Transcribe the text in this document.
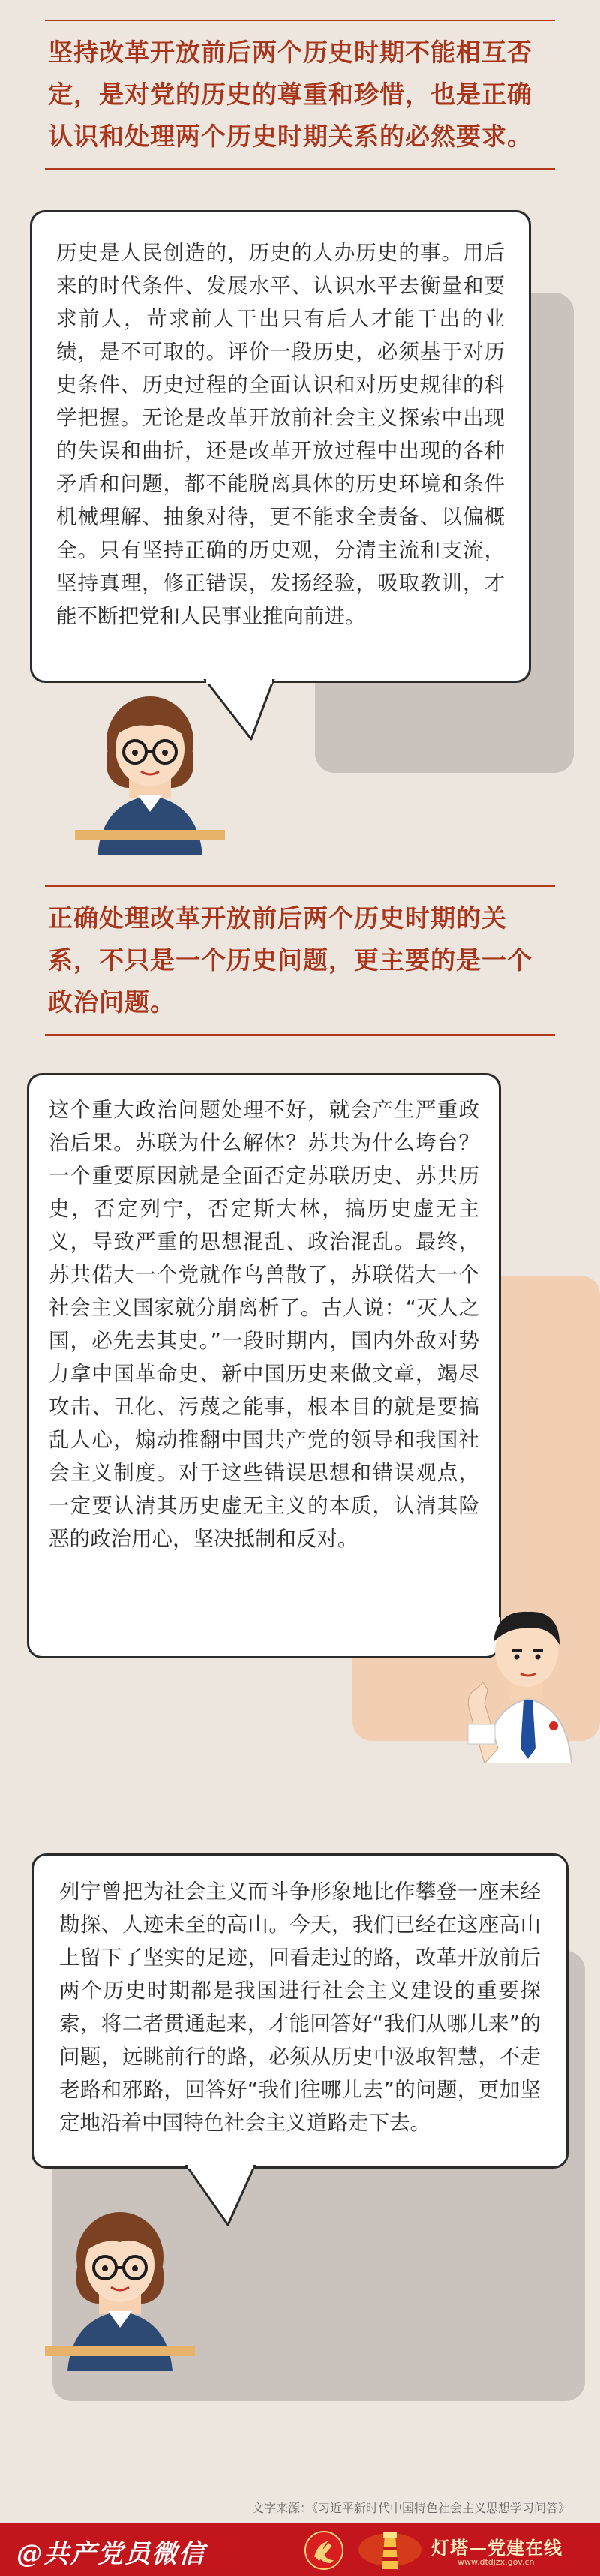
坚持改革开放前后两个历史时期不能相互否定，是对党的历史的尊重和珍惜，也是正确认识和处理两个历史时期关系的必然要求。

历史是人民创造的，历史的人办历史的事。用后来的时代条件、发展水平、认识水平去衡量和要求前人，苛求前人干出只有后人才能干出的业绩，是不可取的。评价一段历史，必须基于对历史条件、历史过程的全面认识和对历史规律的科学把握。无论是改革开放前社会主义探索中出现的失误和曲折，还是改革开放过程中出现的各种矛盾和问题，都不能脱离具体的历史环境和条件机械理解、抽象对待，更不能求全责备、以偏概全。只有坚持正确的历史观，分清主流和支流，坚持真理，修正错误，发扬经验，吸取教训，才能不断把党和人民事业推向前进。

正确处理改革开放前后两个历史时期的关系，不只是一个历史问题，更主要的是一个政治问题。

这个重大政治问题处理不好，就会产生严重政治后果。苏联为什么解体？苏共为什么垮台？一个重要原因就是全面否定苏联历史、苏共历史，否定列宁，否定斯大林，搞历史虚无主义，导致严重的思想混乱、政治混乱。最终，苏共偌大一个党就作鸟兽散了，苏联偌大一个社会主义国家就分崩离析了。古人说：“灭人之国，必先去其史。”一段时期内，国内外敌对势力拿中国革命史、新中国历史来做文章，竭尽攻击、丑化、污蔑之能事，根本目的就是要搞乱人心，煽动推翻中国共产党的领导和我国社会主义制度。对于这些错误思想和错误观点，一定要认清其历史虚无主义的本质，认清其险恶的政治用心，坚决抵制和反对。

列宁曾把为社会主义而斗争形象地比作攀登一座未经勘探、人迹未至的高山。今天，我们已经在这座高山上留下了坚实的足迹，回看走过的路，改革开放前后两个历史时期都是我国进行社会主义建设的重要探索，将二者贯通起来，才能回答好“我们从哪儿来”的问题，远眺前行的路，必须从历史中汲取智慧，不走老路和邪路，回答好“我们往哪儿去”的问题，更加坚定地沿着中国特色社会主义道路走下去。

文字来源：《习近平新时代中国特色社会主义思想学习问答》
@共产党员微信	灯塔—党建在线
www.dtdjzx.gov.cn
